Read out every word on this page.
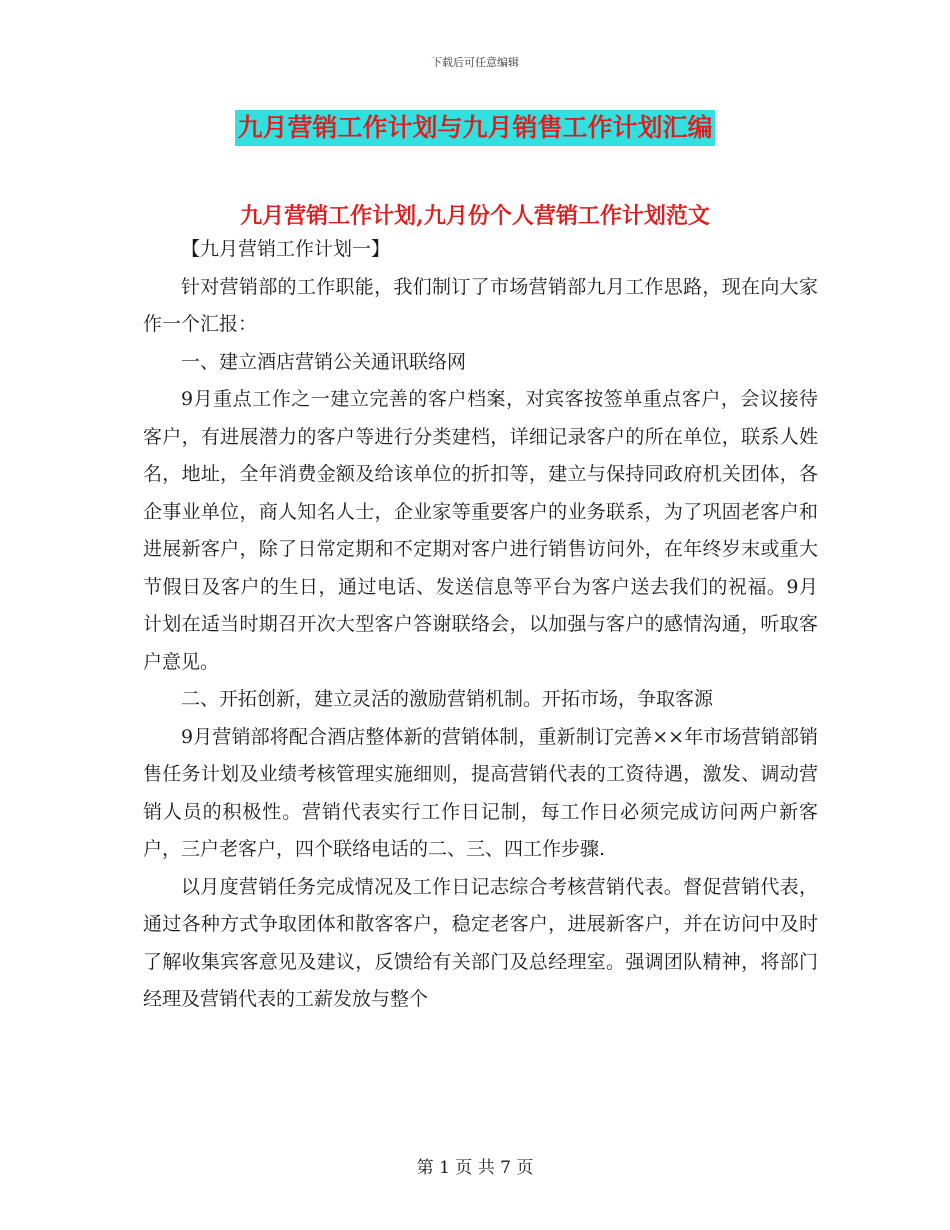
下载后可任意编辑
九月营销工作计划与九月销售工作计划汇编
九月营销工作计划,九月份个人营销工作计划范文

【九月营销工作计划一】

针对营销部的工作职能，我们制订了市场营销部九月工作思路，现在向大家作一个汇报：

一、建立酒店营销公关通讯联络网

9月重点工作之一建立完善的客户档案，对宾客按签单重点客户，会议接待客户，有进展潜力的客户等进行分类建档，详细记录客户的所在单位，联系人姓名，地址，全年消费金额及给该单位的折扣等，建立与保持同政府机关团体，各企事业单位，商人知名人士，企业家等重要客户的业务联系，为了巩固老客户和进展新客户，除了日常定期和不定期对客户进行销售访问外，在年终岁末或重大节假日及客户的生日，通过电话、发送信息等平台为客户送去我们的祝福。9月计划在适当时期召开次大型客户答谢联络会，以加强与客户的感情沟通，听取客户意见。

二、开拓创新，建立灵活的激励营销机制。开拓市场，争取客源

9月营销部将配合酒店整体新的营销体制，重新制订完善××年市场营销部销售任务计划及业绩考核管理实施细则，提高营销代表的工资待遇，激发、调动营销人员的积极性。营销代表实行工作日记制，每工作日必须完成访问两户新客户，三户老客户，四个联络电话的二、三、四工作步骤.

以月度营销任务完成情况及工作日记志综合考核营销代表。督促营销代表，通过各种方式争取团体和散客客户，稳定老客户，进展新客户，并在访问中及时了解收集宾客意见及建议，反馈给有关部门及总经理室。强调团队精神，将部门经理及营销代表的工薪发放与整个

第 1 页 共 7 页
